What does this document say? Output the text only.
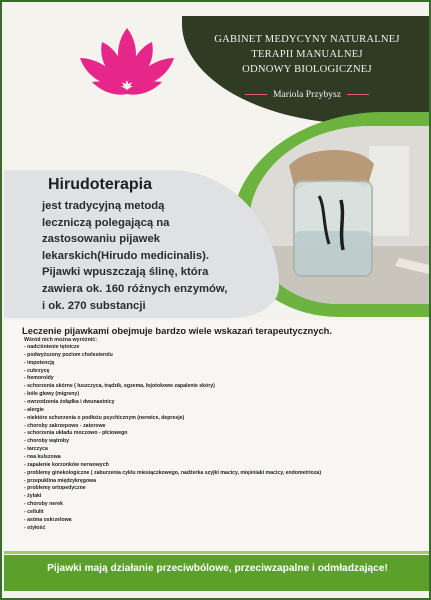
GABINET MEDYCYNY NATURALNEJ
TERAPII MANUALNEJ
ODNOWY BIOLOGICZNEJ
Mariola Przybysz
Hirudoterapia
jest tradycyjną metodą
leczniczą polegającą na
zastosowaniu pijawek
lekarskich(Hirudo medicinalis).
Pijawki wpuszczają ślinę, która
zawiera ok. 160 różnych enzymów,
i ok. 270 substancji
Leczenie pijawkami obejmuje bardzo wiele wskazań terapeutycznych.
Wśród nich można wyróżnić:
- nadciśnienie tętnicze
- podwyższony poziom cholesterolu
- impotencję
- cukrzycę
- hemoroidy
- schorzenia skórne ( łuszczyca, trądzik, egzema, łojotokowe zapalenie skóry)
- bóle głowy (migreny)
- owrzodzenia żołądka i dwunastnicy
- alergie
- niektóre schorzenia o podłożu psychicznym (nerwice, depresje)
- choroby zakrzepowo - zatorowe
- schorzenia układu moczowo - płciowego
- choroby wątroby
- tarczyca
- rwa kulszowa
- zapalenie korzonków nerwowych
- problemy ginekologiczne ( zaburzenia cyklu miesiączkowego, nadżerka szyjki macicy, mięśniaki macicy, endometrioza)
- przepuklina międzykręgowa
- problemy ortopedyczne
- żylaki
- choroby nerek
- cellulit
- astma oskrzelowa
- otyłość
Pijawki mają działanie przeciwbólowe, przeciwzapalne i odmładzające!
